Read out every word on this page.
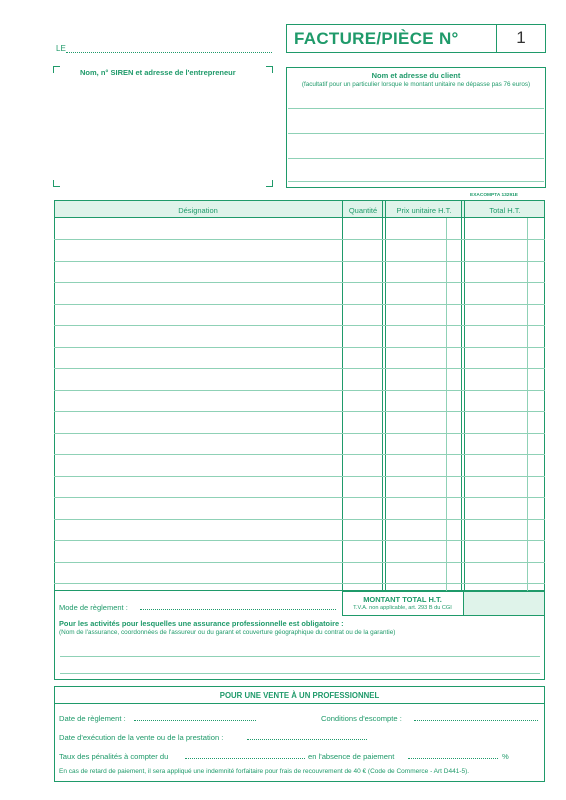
LE
Nom, n° SIREN et adresse de l'entrepreneur
FACTURE/PIÈCE N°	1
Nom et adresse du client
(facultatif pour un particulier lorsque le montant unitaire ne dépasse pas 76 euros)
EXACOMPTA 13291E
Désignation	Quantité	Prix unitaire H.T.	Total H.T.
Mode de règlement :
MONTANT TOTAL H.T.
T.V.A. non applicable, art. 293 B du CGI
Pour les activités pour lesquelles une assurance professionnelle est obligatoire :
(Nom de l'assurance, coordonnées de l'assureur ou du garant et couverture géographique du contrat ou de la garantie)
POUR UNE VENTE À UN PROFESSIONNEL
Date de règlement :	Conditions d'escompte :
Date d'exécution de la vente ou de la prestation :
Taux des pénalités à compter du	en l'absence de paiement	%
En cas de retard de paiement, il sera appliqué une indemnité forfaitaire pour frais de recouvrement de 40 € (Code de Commerce - Art D441-5).
